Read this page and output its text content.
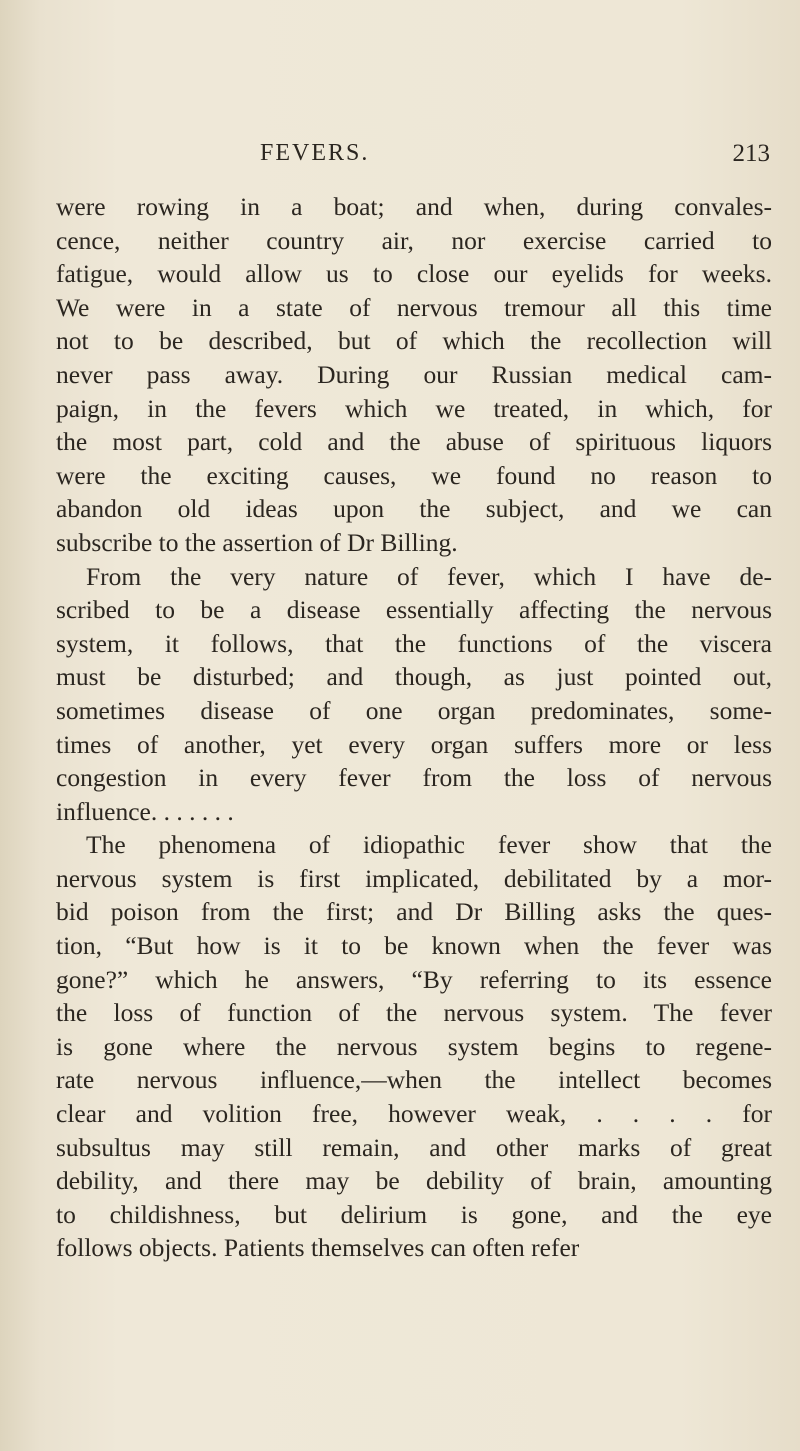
FEVERS.	213
were rowing in a boat; and when, during convales-
cence, neither country air, nor exercise carried to
fatigue, would allow us to close our eyelids for weeks.
We were in a state of nervous tremour all this time
not to be described, but of which the recollection will
never pass away. During our Russian medical cam-
paign, in the fevers which we treated, in which, for
the most part, cold and the abuse of spirituous liquors
were the exciting causes, we found no reason to
abandon old ideas upon the subject, and we can
subscribe to the assertion of Dr Billing.
From the very nature of fever, which I have de-
scribed to be a disease essentially affecting the nervous
system, it follows, that the functions of the viscera
must be disturbed; and though, as just pointed out,
sometimes disease of one organ predominates, some-
times of another, yet every organ suffers more or less
congestion in every fever from the loss of nervous
influence. . . . . . .
The phenomena of idiopathic fever show that the
nervous system is first implicated, debilitated by a mor-
bid poison from the first; and Dr Billing asks the ques-
tion, “But how is it to be known when the fever was
gone?” which he answers, “By referring to its essence
the loss of function of the nervous system. The fever
is gone where the nervous system begins to regene-
rate nervous influence,—when the intellect becomes
clear and volition free, however weak, . . . . for
subsultus may still remain, and other marks of great
debility, and there may be debility of brain, amounting
to childishness, but delirium is gone, and the eye
follows objects. Patients themselves can often refer
